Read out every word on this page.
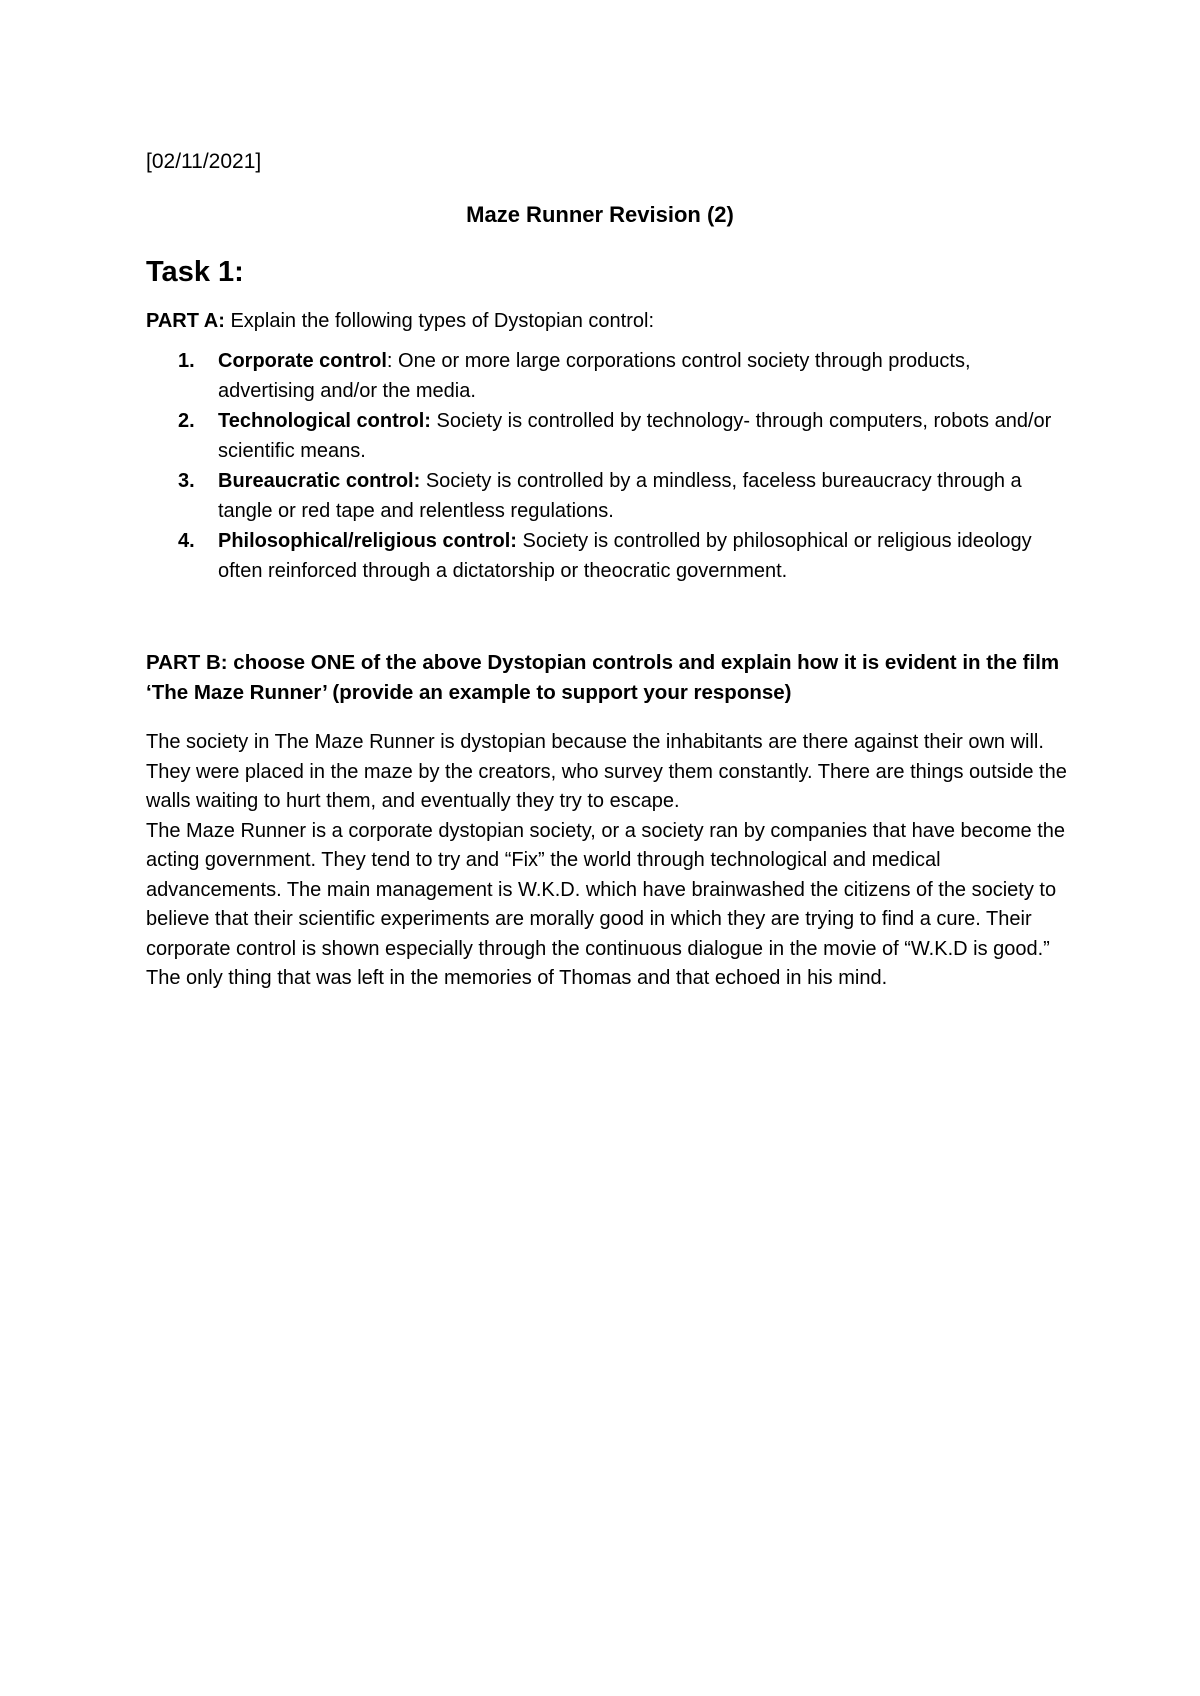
[02/11/2021]
Maze Runner Revision (2)
Task 1:
PART A: Explain the following types of Dystopian control:
1. Corporate control: One or more large corporations control society through products, advertising and/or the media.
2. Technological control: Society is controlled by technology- through computers, robots and/or scientific means.
3. Bureaucratic control: Society is controlled by a mindless, faceless bureaucracy through a tangle or red tape and relentless regulations.
4. Philosophical/religious control: Society is controlled by philosophical or religious ideology often reinforced through a dictatorship or theocratic government.
PART B: choose ONE of the above Dystopian controls and explain how it is evident in the film ‘The Maze Runner’ (provide an example to support your response)

The society in The Maze Runner is dystopian because the inhabitants are there against their own will. They were placed in the maze by the creators, who survey them constantly. There are things outside the walls waiting to hurt them, and eventually they try to escape.

The Maze Runner is a corporate dystopian society, or a society ran by companies that have become the acting government. They tend to try and “Fix” the world through technological and medical advancements. The main management is W.K.D. which have brainwashed the citizens of the society to believe that their scientific experiments are morally good in which they are trying to find a cure. Their corporate control is shown especially through the continuous dialogue in the movie of “W.K.D is good.” The only thing that was left in the memories of Thomas and that echoed in his mind.
